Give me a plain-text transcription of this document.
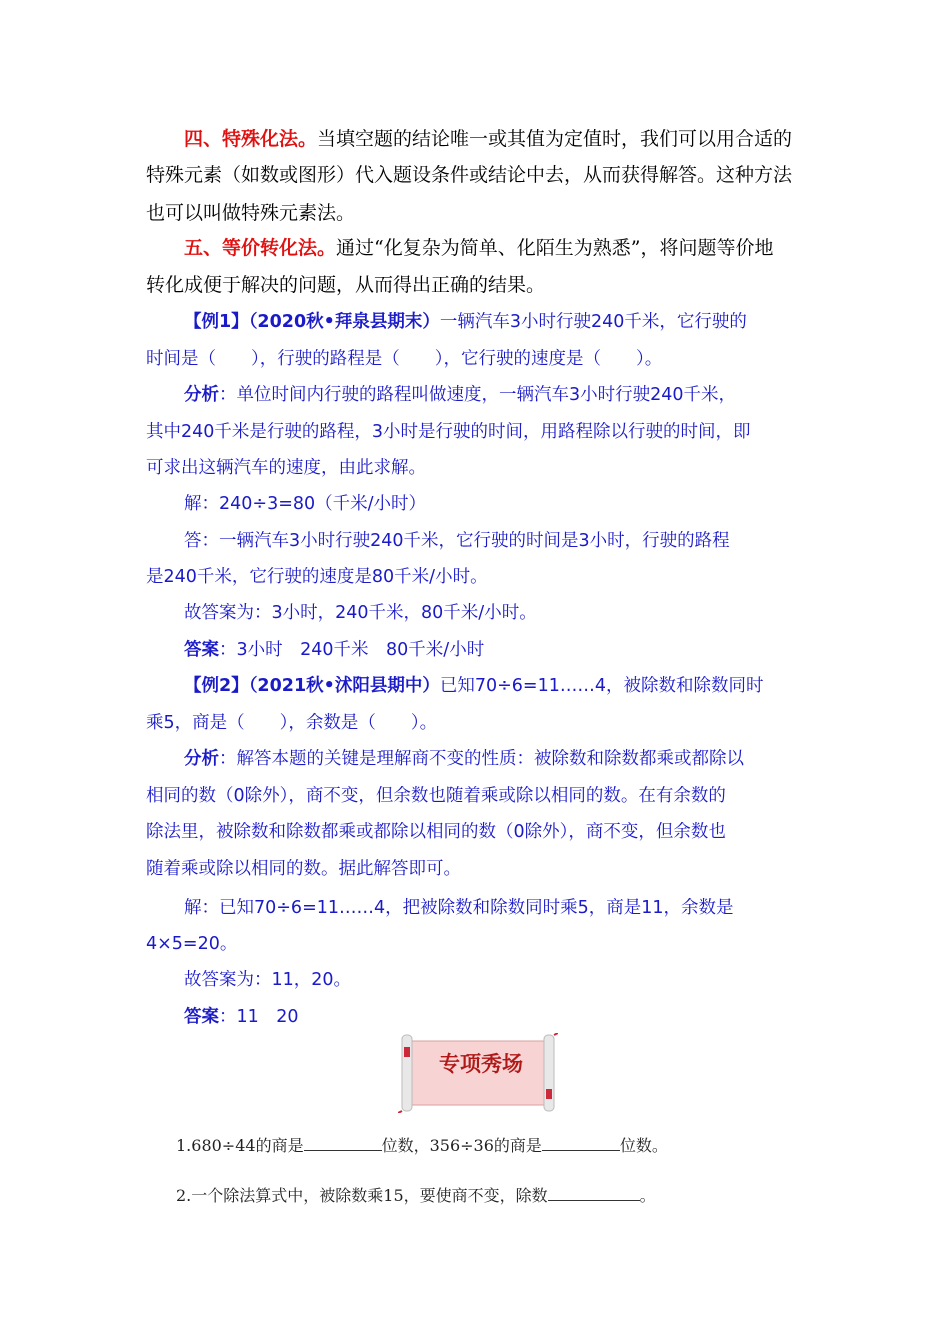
四、特殊化法。当填空题的结论唯一或其值为定值时，我们可以用合适的
特殊元素（如数或图形）代入题设条件或结论中去，从而获得解答。这种方法
也可以叫做特殊元素法。
五、等价转化法。通过“化复杂为简单、化陌生为熟悉”，将问题等价地
转化成便于解决的问题，从而得出正确的结果。
【例1】（2020秋•拜泉县期末）一辆汽车3小时行驶240千米，它行驶的
时间是（　　），行驶的路程是（　　），它行驶的速度是（　　）。
分析：单位时间内行驶的路程叫做速度，一辆汽车3小时行驶240千米，
其中240千米是行驶的路程，3小时是行驶的时间，用路程除以行驶的时间，即
可求出这辆汽车的速度，由此求解。
解：240÷3=80（千米/小时）
答：一辆汽车3小时行驶240千米，它行驶的时间是3小时，行驶的路程
是240千米，它行驶的速度是80千米/小时。
故答案为：3小时，240千米，80千米/小时。
答案：3小时　240千米　80千米/小时
【例2】（2021秋•沭阳县期中）已知70÷6=11……4，被除数和除数同时
乘5，商是（　　），余数是（　　）。
分析：解答本题的关键是理解商不变的性质：被除数和除数都乘或都除以
相同的数（0除外），商不变，但余数也随着乘或除以相同的数。在有余数的
除法里，被除数和除数都乘或都除以相同的数（0除外），商不变，但余数也
随着乘或除以相同的数。据此解答即可。
解：已知70÷6=11……4，把被除数和除数同时乘5，商是11，余数是
4×5=20。
故答案为：11，20。
答案：11　20
专项秀场
1.680÷44的商是	位数，356÷36的商是	位数。
2.一个除法算式中，被除数乘15，要使商不变，除数	。
